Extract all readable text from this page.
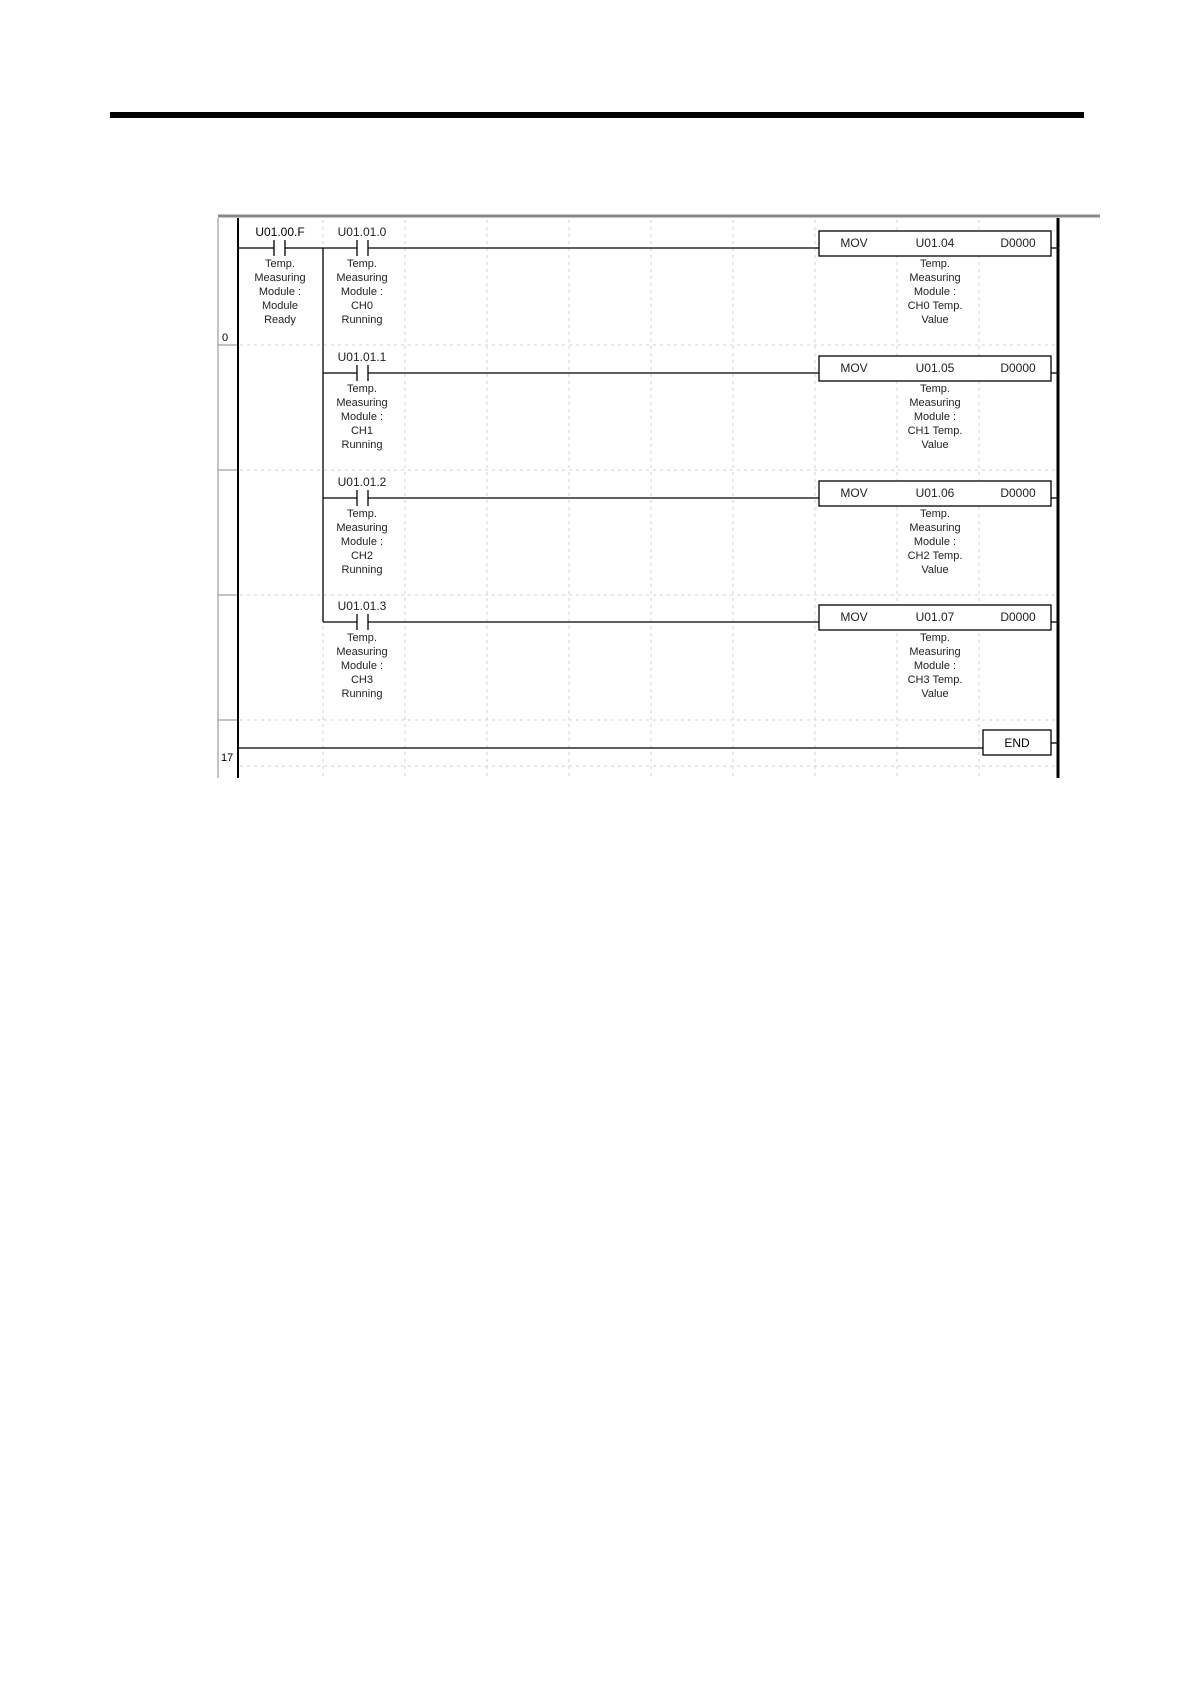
0
17
U01.00.F
Temp.
Measuring
Module :
Module
Ready
U01.01.0
Temp.
Measuring
Module :
CH0
Running
MOV	U01.04	D0000
Temp.
Measuring
Module :
CH0 Temp.
Value
U01.01.1
Temp.
Measuring
Module :
CH1
Running
MOV	U01.05	D0000
Temp.
Measuring
Module :
CH1 Temp.
Value
U01.01.2
Temp.
Measuring
Module :
CH2
Running
MOV	U01.06	D0000
Temp.
Measuring
Module :
CH2 Temp.
Value
U01.01.3
Temp.
Measuring
Module :
CH3
Running
MOV	U01.07	D0000
Temp.
Measuring
Module :
CH3 Temp.
Value
END
